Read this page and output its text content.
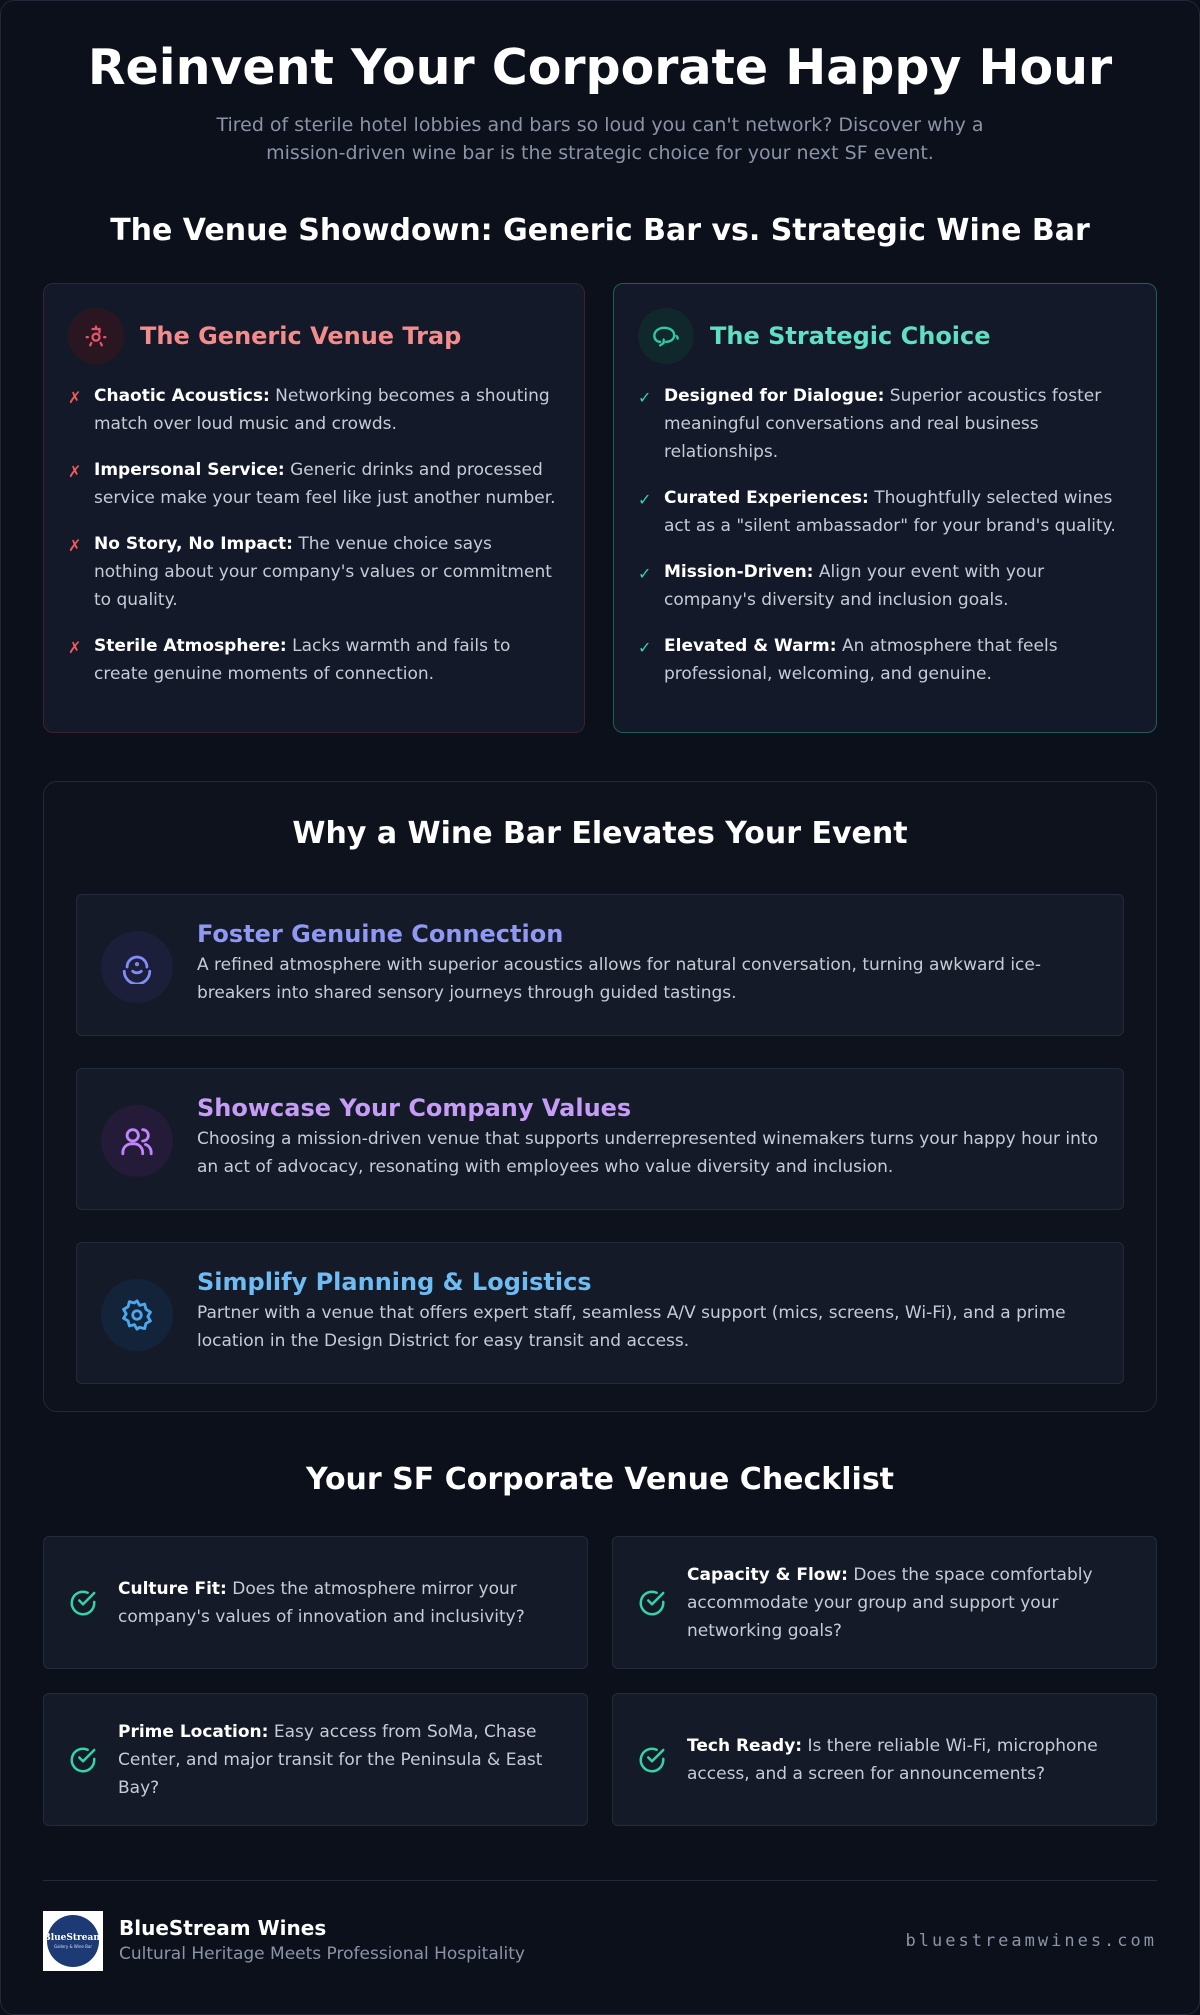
Reinvent Your Corporate Happy Hour

Tired of sterile hotel lobbies and bars so loud you can't network? Discover why a mission-driven wine bar is the strategic choice for your next SF event.

The Venue Showdown: Generic Bar vs. Strategic Wine Bar
The Generic Venue Trap
✗ Chaotic Acoustics: Networking becomes a shouting match over loud music and crowds.
✗ Impersonal Service: Generic drinks and processed service make your team feel like just another number.
✗ No Story, No Impact: The venue choice says nothing about your company's values or commitment to quality.
✗ Sterile Atmosphere: Lacks warmth and fails to create genuine moments of connection.
The Strategic Choice
✓ Designed for Dialogue: Superior acoustics foster meaningful conversations and real business relationships.
✓ Curated Experiences: Thoughtfully selected wines act as a "silent ambassador" for your brand's quality.
✓ Mission-Driven: Align your event with your company's diversity and inclusion goals.
✓ Elevated & Warm: An atmosphere that feels professional, welcoming, and genuine.
Why a Wine Bar Elevates Your Event
Foster Genuine Connection
A refined atmosphere with superior acoustics allows for natural conversation, turning awkward ice-breakers into shared sensory journeys through guided tastings.
Showcase Your Company Values
Choosing a mission-driven venue that supports underrepresented winemakers turns your happy hour into an act of advocacy, resonating with employees who value diversity and inclusion.
Simplify Planning & Logistics
Partner with a venue that offers expert staff, seamless A/V support (mics, screens, Wi-Fi), and a prime location in the Design District for easy transit and access.
Your SF Corporate Venue Checklist
Culture Fit: Does the atmosphere mirror your company's values of innovation and inclusivity?
Capacity & Flow: Does the space comfortably accommodate your group and support your networking goals?
Prime Location: Easy access from SoMa, Chase Center, and major transit for the Peninsula & East Bay?
Tech Ready: Is there reliable Wi-Fi, microphone access, and a screen for announcements?
BlueStream
Gallery & Wine Bar
BlueStream Wines
Cultural Heritage Meets Professional Hospitality
bluestreamwines.com
